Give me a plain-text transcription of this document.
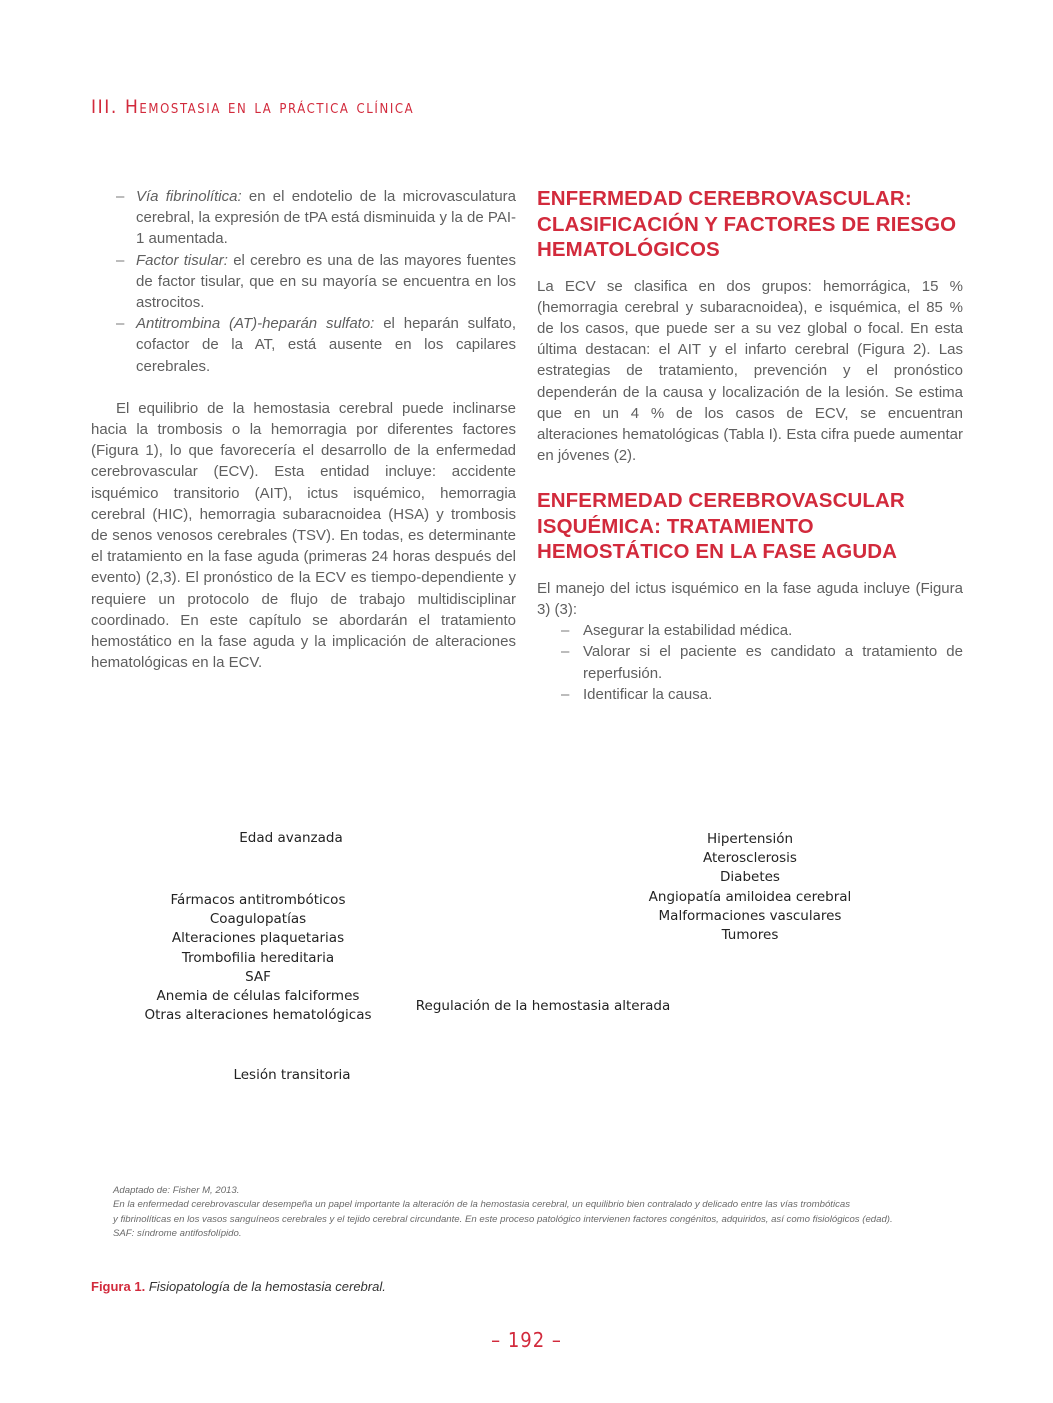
III. Hemostasia en la práctica clínica
– Vía fibrinolítica: en el endotelio de la microvasculatura cerebral, la expresión de tPA está disminuida y la de PAI-1 aumentada.
– Factor tisular: el cerebro es una de las mayores fuentes de factor tisular, que en su mayoría se encuentra en los astrocitos.
– Antitrombina (AT)-heparán sulfato: el heparán sulfato, cofactor de la AT, está ausente en los capilares cerebrales.

El equilibrio de la hemostasia cerebral puede inclinarse hacia la trombosis o la hemorragia por diferentes factores (Figura 1), lo que favorecería el desarrollo de la enfermedad cerebrovascular (ECV). Esta entidad incluye: accidente isquémico transitorio (AIT), ictus isquémico, hemorragia cerebral (HIC), hemorragia subaracnoidea (HSA) y trombosis de senos venosos cerebrales (TSV). En todas, es determinante el tratamiento en la fase aguda (primeras 24 horas después del evento) (2,3). El pronóstico de la ECV es tiempo-dependiente y requiere un protocolo de flujo de trabajo multidisciplinar coordinado. En este capítulo se abordarán el tratamiento hemostático en la fase aguda y la implicación de alteraciones hematológicas en la ECV.

ENFERMEDAD CEREBROVASCULAR: CLASIFICACIÓN Y FACTORES DE RIESGO HEMATOLÓGICOS

La ECV se clasifica en dos grupos: hemorrágica, 15 % (hemorragia cerebral y subaracnoidea), e isquémica, el 85 % de los casos, que puede ser a su vez global o focal. En esta última destacan: el AIT y el infarto cerebral (Figura 2). Las estrategias de tratamiento, prevención y el pronóstico dependerán de la causa y localización de la lesión. Se estima que en un 4 % de los casos de ECV, se encuentran alteraciones hematológicas (Tabla I). Esta cifra puede aumentar en jóvenes (2).

ENFERMEDAD CEREBROVASCULAR ISQUÉMICA: TRATAMIENTO HEMOSTÁTICO EN LA FASE AGUDA

El manejo del ictus isquémico en la fase aguda incluye (Figura 3) (3):

– Asegurar la estabilidad médica.
– Valorar si el paciente es candidato a tratamiento de reperfusión.
– Identificar la causa.
Edad avanzada
Fármacos antitrombóticos
Coagulopatías
Alteraciones plaquetarias
Trombofilia hereditaria
SAF
Anemia de células falciformes
Otras alteraciones hematológicas
Regulación de la hemostasia alterada
Lesión transitoria
Hipertensión
Aterosclerosis
Diabetes
Angiopatía amiloidea cerebral
Malformaciones vasculares
Tumores
Adaptado de: Fisher M, 2013.
En la enfermedad cerebrovascular desempeña un papel importante la alteración de la hemostasia cerebral, un equilibrio bien contralado y delicado entre las vías trombóticas
y fibrinolíticas en los vasos sanguíneos cerebrales y el tejido cerebral circundante. En este proceso patológico intervienen factores congénitos, adquiridos, así como fisiológicos (edad).
SAF: síndrome antifosfolípido.
Figura 1. Fisiopatología de la hemostasia cerebral.
– 192 –
